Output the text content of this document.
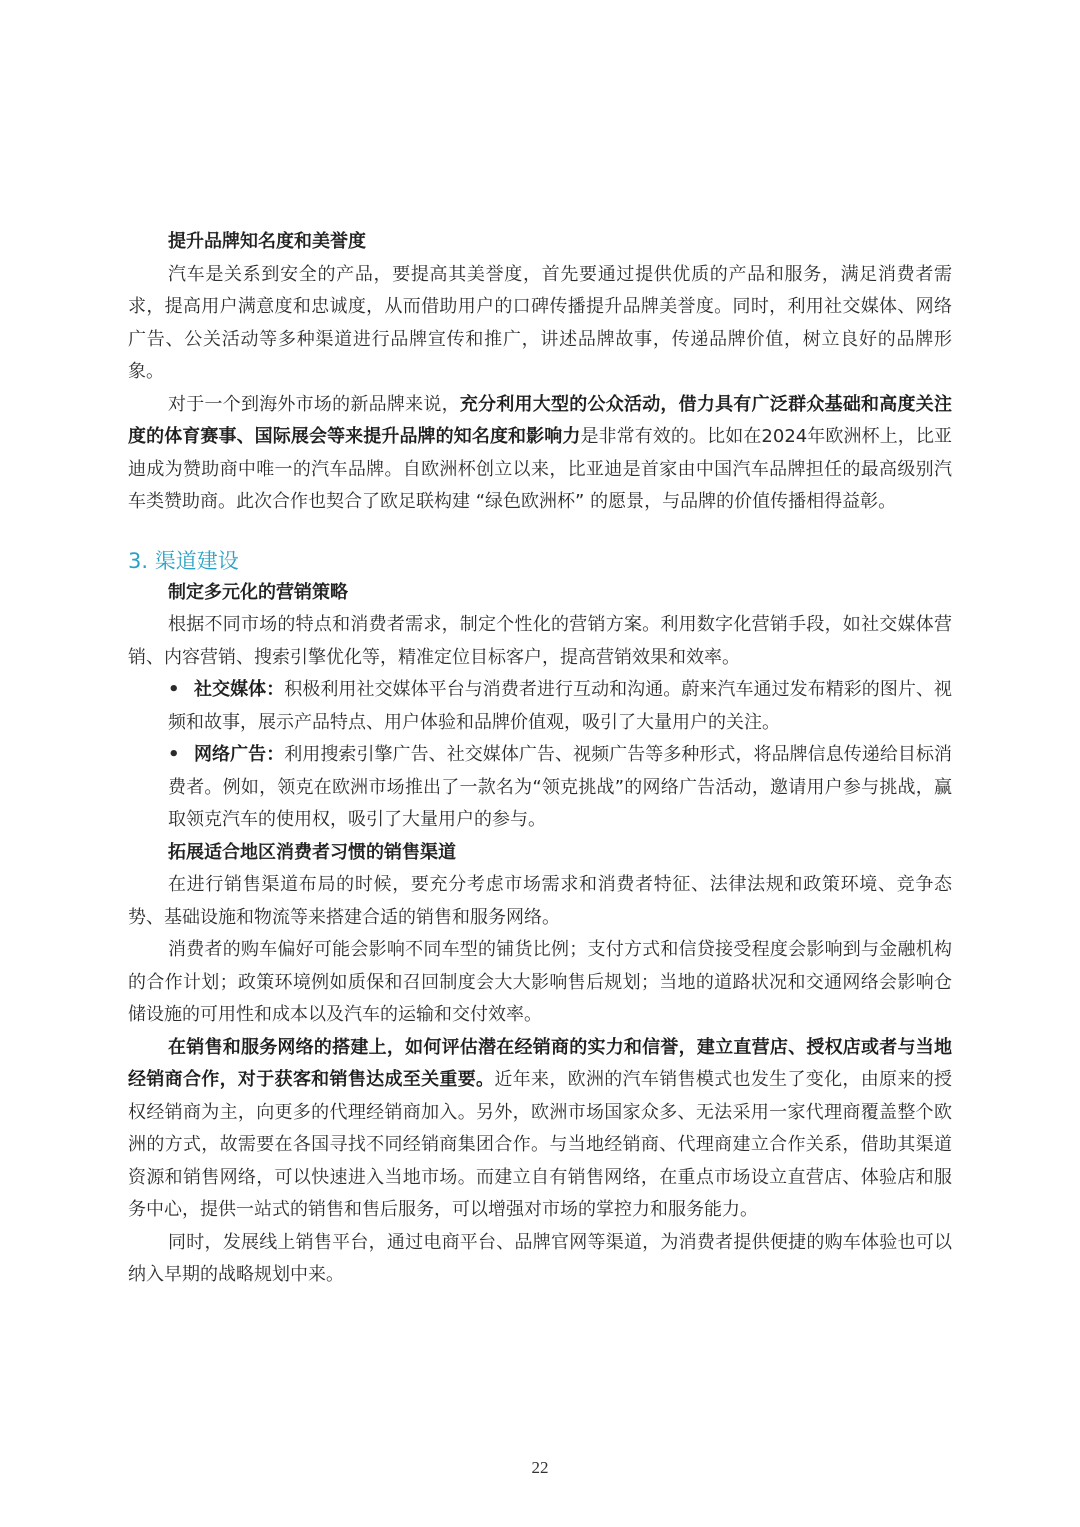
提升品牌知名度和美誉度

汽车是关系到安全的产品，要提高其美誉度，首先要通过提供优质的产品和服务，满足消费者需求，提高用户满意度和忠诚度，从而借助用户的口碑传播提升品牌美誉度。同时，利用社交媒体、网络广告、公关活动等多种渠道进行品牌宣传和推广，讲述品牌故事，传递品牌价值，树立良好的品牌形象。

对于一个到海外市场的新品牌来说，充分利用大型的公众活动，借力具有广泛群众基础和高度关注度的体育赛事、国际展会等来提升品牌的知名度和影响力是非常有效的。比如在2024年欧洲杯上，比亚迪成为赞助商中唯一的汽车品牌。自欧洲杯创立以来，比亚迪是首家由中国汽车品牌担任的最高级别汽车类赞助商。此次合作也契合了欧足联构建 “绿色欧洲杯” 的愿景，与品牌的价值传播相得益彰。

3. 渠道建设

制定多元化的营销策略

根据不同市场的特点和消费者需求，制定个性化的营销方案。利用数字化营销手段，如社交媒体营销、内容营销、搜索引擎优化等，精准定位目标客户，提高营销效果和效率。

• 社交媒体：积极利用社交媒体平台与消费者进行互动和沟通。蔚来汽车通过发布精彩的图片、视频和故事，展示产品特点、用户体验和品牌价值观，吸引了大量用户的关注。
• 网络广告：利用搜索引擎广告、社交媒体广告、视频广告等多种形式，将品牌信息传递给目标消费者。例如，领克在欧洲市场推出了一款名为“领克挑战”的网络广告活动，邀请用户参与挑战，赢取领克汽车的使用权，吸引了大量用户的参与。

拓展适合地区消费者习惯的销售渠道

在进行销售渠道布局的时候，要充分考虑市场需求和消费者特征、法律法规和政策环境、竞争态势、基础设施和物流等来搭建合适的销售和服务网络。

消费者的购车偏好可能会影响不同车型的铺货比例；支付方式和信贷接受程度会影响到与金融机构的合作计划；政策环境例如质保和召回制度会大大影响售后规划；当地的道路状况和交通网络会影响仓储设施的可用性和成本以及汽车的运输和交付效率。

在销售和服务网络的搭建上，如何评估潜在经销商的实力和信誉，建立直营店、授权店或者与当地经销商合作，对于获客和销售达成至关重要。近年来，欧洲的汽车销售模式也发生了变化，由原来的授权经销商为主，向更多的代理经销商加入。另外，欧洲市场国家众多、无法采用一家代理商覆盖整个欧洲的方式，故需要在各国寻找不同经销商集团合作。与当地经销商、代理商建立合作关系，借助其渠道资源和销售网络，可以快速进入当地市场。而建立自有销售网络，在重点市场设立直营店、体验店和服务中心，提供一站式的销售和售后服务，可以增强对市场的掌控力和服务能力。

同时，发展线上销售平台，通过电商平台、品牌官网等渠道，为消费者提供便捷的购车体验也可以纳入早期的战略规划中来。

22
